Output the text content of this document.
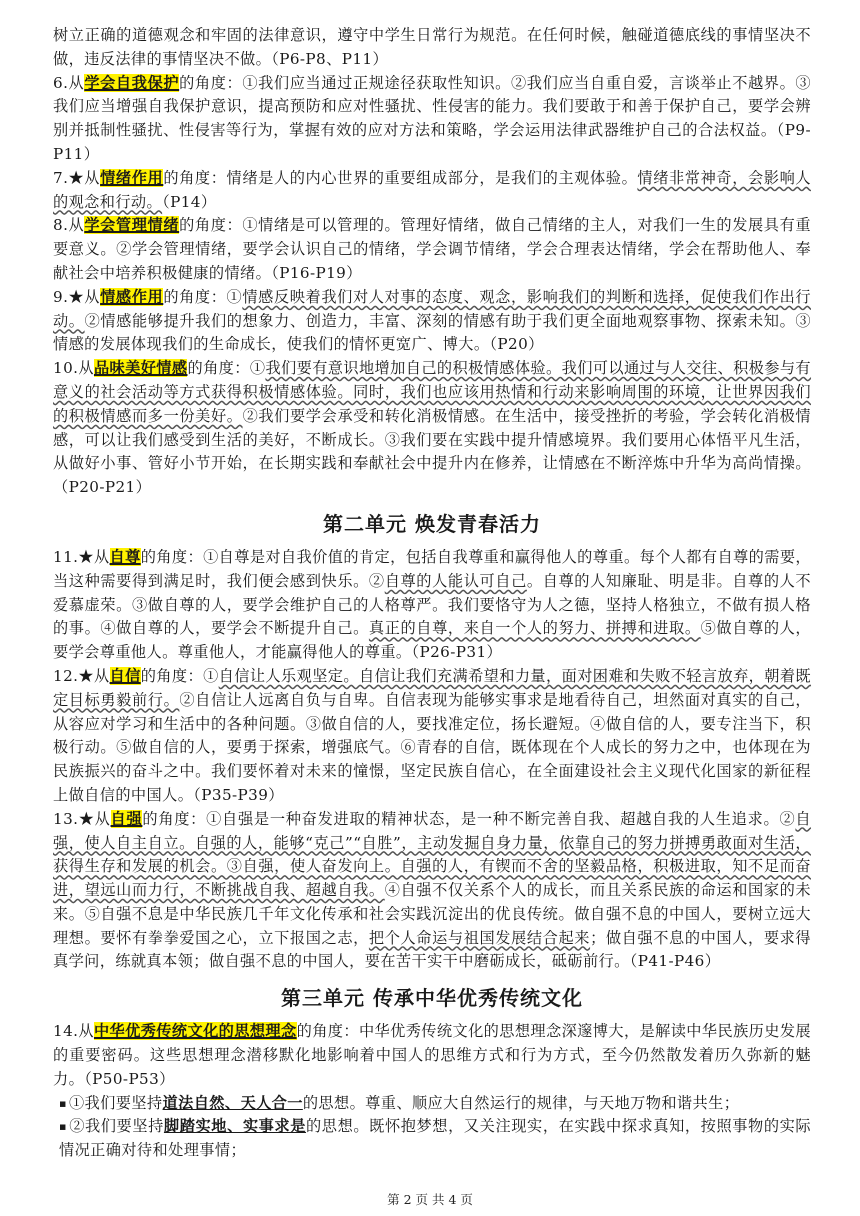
树立正确的道德观念和牢固的法律意识，遵守中学生日常行为规范。在任何时候，触碰道德底线的事情坚决不做，违反法律的事情坚决不做。（P6-P8、P11）

6.从学会自我保护的角度：①我们应当通过正规途径获取性知识。②我们应当自重自爱，言谈举止不越界。③我们应当增强自我保护意识，提高预防和应对性骚扰、性侵害的能力。我们要敢于和善于保护自己，要学会辨别并抵制性骚扰、性侵害等行为，掌握有效的应对方法和策略，学会运用法律武器维护自己的合法权益。（P9-P11）

7.★从情绪作用的角度：情绪是人的内心世界的重要组成部分，是我们的主观体验。情绪非常神奇，会影响人的观念和行动。（P14）

8.从学会管理情绪的角度：①情绪是可以管理的。管理好情绪，做自己情绪的主人，对我们一生的发展具有重要意义。②学会管理情绪，要学会认识自己的情绪，学会调节情绪，学会合理表达情绪，学会在帮助他人、奉献社会中培养积极健康的情绪。（P16-P19）

9.★从情感作用的角度：①情感反映着我们对人对事的态度、观念，影响我们的判断和选择，促使我们作出行动。②情感能够提升我们的想象力、创造力，丰富、深刻的情感有助于我们更全面地观察事物、探索未知。③情感的发展体现我们的生命成长，使我们的情怀更宽广、博大。（P20）

10.从品味美好情感的角度：①我们要有意识地增加自己的积极情感体验。我们可以通过与人交往、积极参与有意义的社会活动等方式获得积极情感体验。同时，我们也应该用热情和行动来影响周围的环境，让世界因我们的积极情感而多一份美好。②我们要学会承受和转化消极情感。在生活中，接受挫折的考验，学会转化消极情感，可以让我们感受到生活的美好，不断成长。③我们要在实践中提升情感境界。我们要用心体悟平凡生活，从做好小事、管好小节开始，在长期实践和奉献社会中提升内在修养，让情感在不断淬炼中升华为高尚情操。（P20-P21）

第二单元 焕发青春活力

11.★从自尊的角度：①自尊是对自我价值的肯定，包括自我尊重和赢得他人的尊重。每个人都有自尊的需要，当这种需要得到满足时，我们便会感到快乐。②自尊的人能认可自己。自尊的人知廉耻、明是非。自尊的人不爱慕虚荣。③做自尊的人，要学会维护自己的人格尊严。我们要恪守为人之德，坚持人格独立，不做有损人格的事。④做自尊的人，要学会不断提升自己。真正的自尊，来自一个人的努力、拼搏和进取。⑤做自尊的人，要学会尊重他人。尊重他人，才能赢得他人的尊重。（P26-P31）

12.★从自信的角度：①自信让人乐观坚定。自信让我们充满希望和力量，面对困难和失败不轻言放弃，朝着既定目标勇毅前行。②自信让人远离自负与自卑。自信表现为能够实事求是地看待自己，坦然面对真实的自己，从容应对学习和生活中的各种问题。③做自信的人，要找准定位，扬长避短。④做自信的人，要专注当下，积极行动。⑤做自信的人，要勇于探索，增强底气。⑥青春的自信，既体现在个人成长的努力之中，也体现在为民族振兴的奋斗之中。我们要怀着对未来的憧憬，坚定民族自信心，在全面建设社会主义现代化国家的新征程上做自信的中国人。（P35-P39）

13.★从自强的角度：①自强是一种奋发进取的精神状态，是一种不断完善自我、超越自我的人生追求。②自强，使人自主自立。自强的人，能够“克己”“自胜”，主动发掘自身力量，依靠自己的努力拼搏勇敢面对生活，获得生存和发展的机会。③自强，使人奋发向上。自强的人，有锲而不舍的坚毅品格，积极进取，知不足而奋进，望远山而力行，不断挑战自我、超越自我。④自强不仅关系个人的成长，而且关系民族的命运和国家的未来。⑤自强不息是中华民族几千年文化传承和社会实践沉淀出的优良传统。做自强不息的中国人，要树立远大理想。要怀有拳拳爱国之心，立下报国之志，把个人命运与祖国发展结合起来；做自强不息的中国人，要求得真学问，练就真本领；做自强不息的中国人，要在苦干实干中磨砺成长，砥砺前行。（P41-P46）

第三单元 传承中华优秀传统文化

14.从中华优秀传统文化的思想理念的角度：中华优秀传统文化的思想理念深邃博大，是解读中华民族历史发展的重要密码。这些思想理念潜移默化地影响着中国人的思维方式和行为方式，至今仍然散发着历久弥新的魅力。（P50-P53）

▪ ①我们要坚持道法自然、天人合一的思想。尊重、顺应大自然运行的规律，与天地万物和谐共生；

▪ ②我们要坚持脚踏实地、实事求是的思想。既怀抱梦想，又关注现实，在实践中探求真知，按照事物的实际情况正确对待和处理事情；

第 2 页 共 4 页
